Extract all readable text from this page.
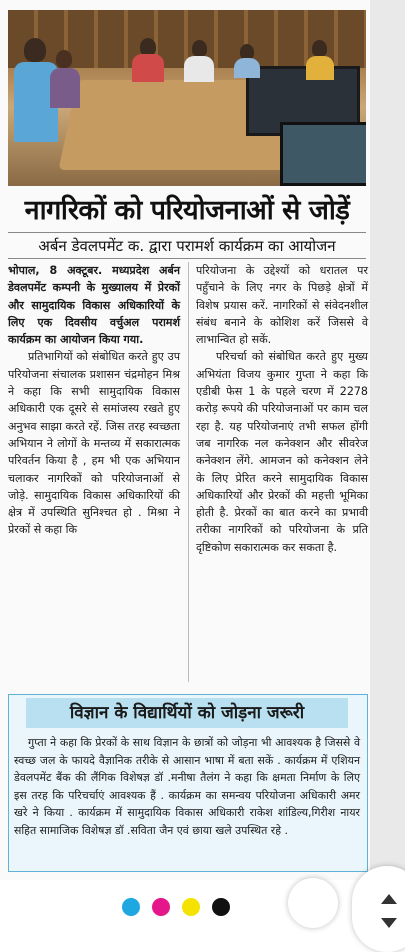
नागरिकों को परियोजनाओं से जोड़ें
अर्बन डेवलपमेंट क. द्वारा परामर्श कार्यक्रम का आयोजन

भोपाल, 8 अक्टूबर. मध्यप्रदेश अर्बन डेवलपमेंट कम्पनी के मुख्यालय में प्रेरकों और सामुदायिक विकास अधिकारियों के लिए एक दिवसीय वर्चुअल परामर्श कार्यक्रम का आयोजन किया गया.

प्रतिभागियों को संबोधित करते हुए उप परियोजना संचालक प्रशासन चंद्रमोहन मिश्र ने कहा कि सभी सामुदायिक विकास अधिकारी एक दूसरे से समांजस्य रखते हुए अनुभव साझा करते रहें. जिस तरह स्वच्छता अभियान ने लोगों के मन्तव्य में सकारात्मक परिवर्तन किया है , हम भी एक अभियान चलाकर नागरिकों को परियोजनाओं से जोड़े. सामुदायिक विकास अधिकारियों की क्षेत्र में उपस्थिति सुनिश्चत हो . मिश्रा ने प्रेरकों से कहा कि

परियोजना के उद्देश्यों को धरातल पर पहुँचाने के लिए नगर के पिछड़े क्षेत्रों में विशेष प्रयास करें. नागरिकों से संवेदनशील संबंध बनाने के कोशिश करें जिससे वे लाभान्वित हो सकें.

परिचर्चा को संबोधित करते हुए मुख्य अभियंता विजय कुमार गुप्ता ने कहा कि एडीबी फेस 1 के पहले चरण में 2278 करोड़ रूपये की परियोजनाओं पर काम चल रहा है. यह परियोजनाएं तभी सफल होंगी जब नागरिक नल कनेक्शन और सीवरेज कनेक्शन लेंगे. आमजन को कनेक्शन लेने के लिए प्रेरित करने सामुदायिक विकास अधिकारियों और प्रेरकों की महत्ती भूमिका होती है. प्रेरकों का बात करने का प्रभावी तरीका नागरिकों को परियोजना के प्रति दृष्टिकोण सकारात्मक कर सकता है.

विज्ञान के विद्यार्थियों को जोड़ना जरूरी

गुप्ता ने कहा कि प्रेरकों के साथ विज्ञान के छात्रों को जोड़ना भी आवश्यक है जिससे वे स्वच्छ जल के फायदे वैज्ञानिक तरीके से आसान भाषा में बता सकें . कार्यक्रम में एशियन डेवलपमेंट बैंक की लैंगिक विशेषज्ञ डॉ .मनीषा तैलंग ने कहा कि क्षमता निर्माण के लिए इस तरह कि परिचर्चाएं आवश्यक हैं . कार्यक्रम का समन्वय परियोजना अधिकारी अमर खरे ने किया . कार्यक्रम में सामुदायिक विकास अधिकारी राकेश शांडिल्य,गिरीश नायर सहित सामाजिक विशेषज्ञ डॉ .सविता जैन एवं छाया खले उपस्थित रहे .
